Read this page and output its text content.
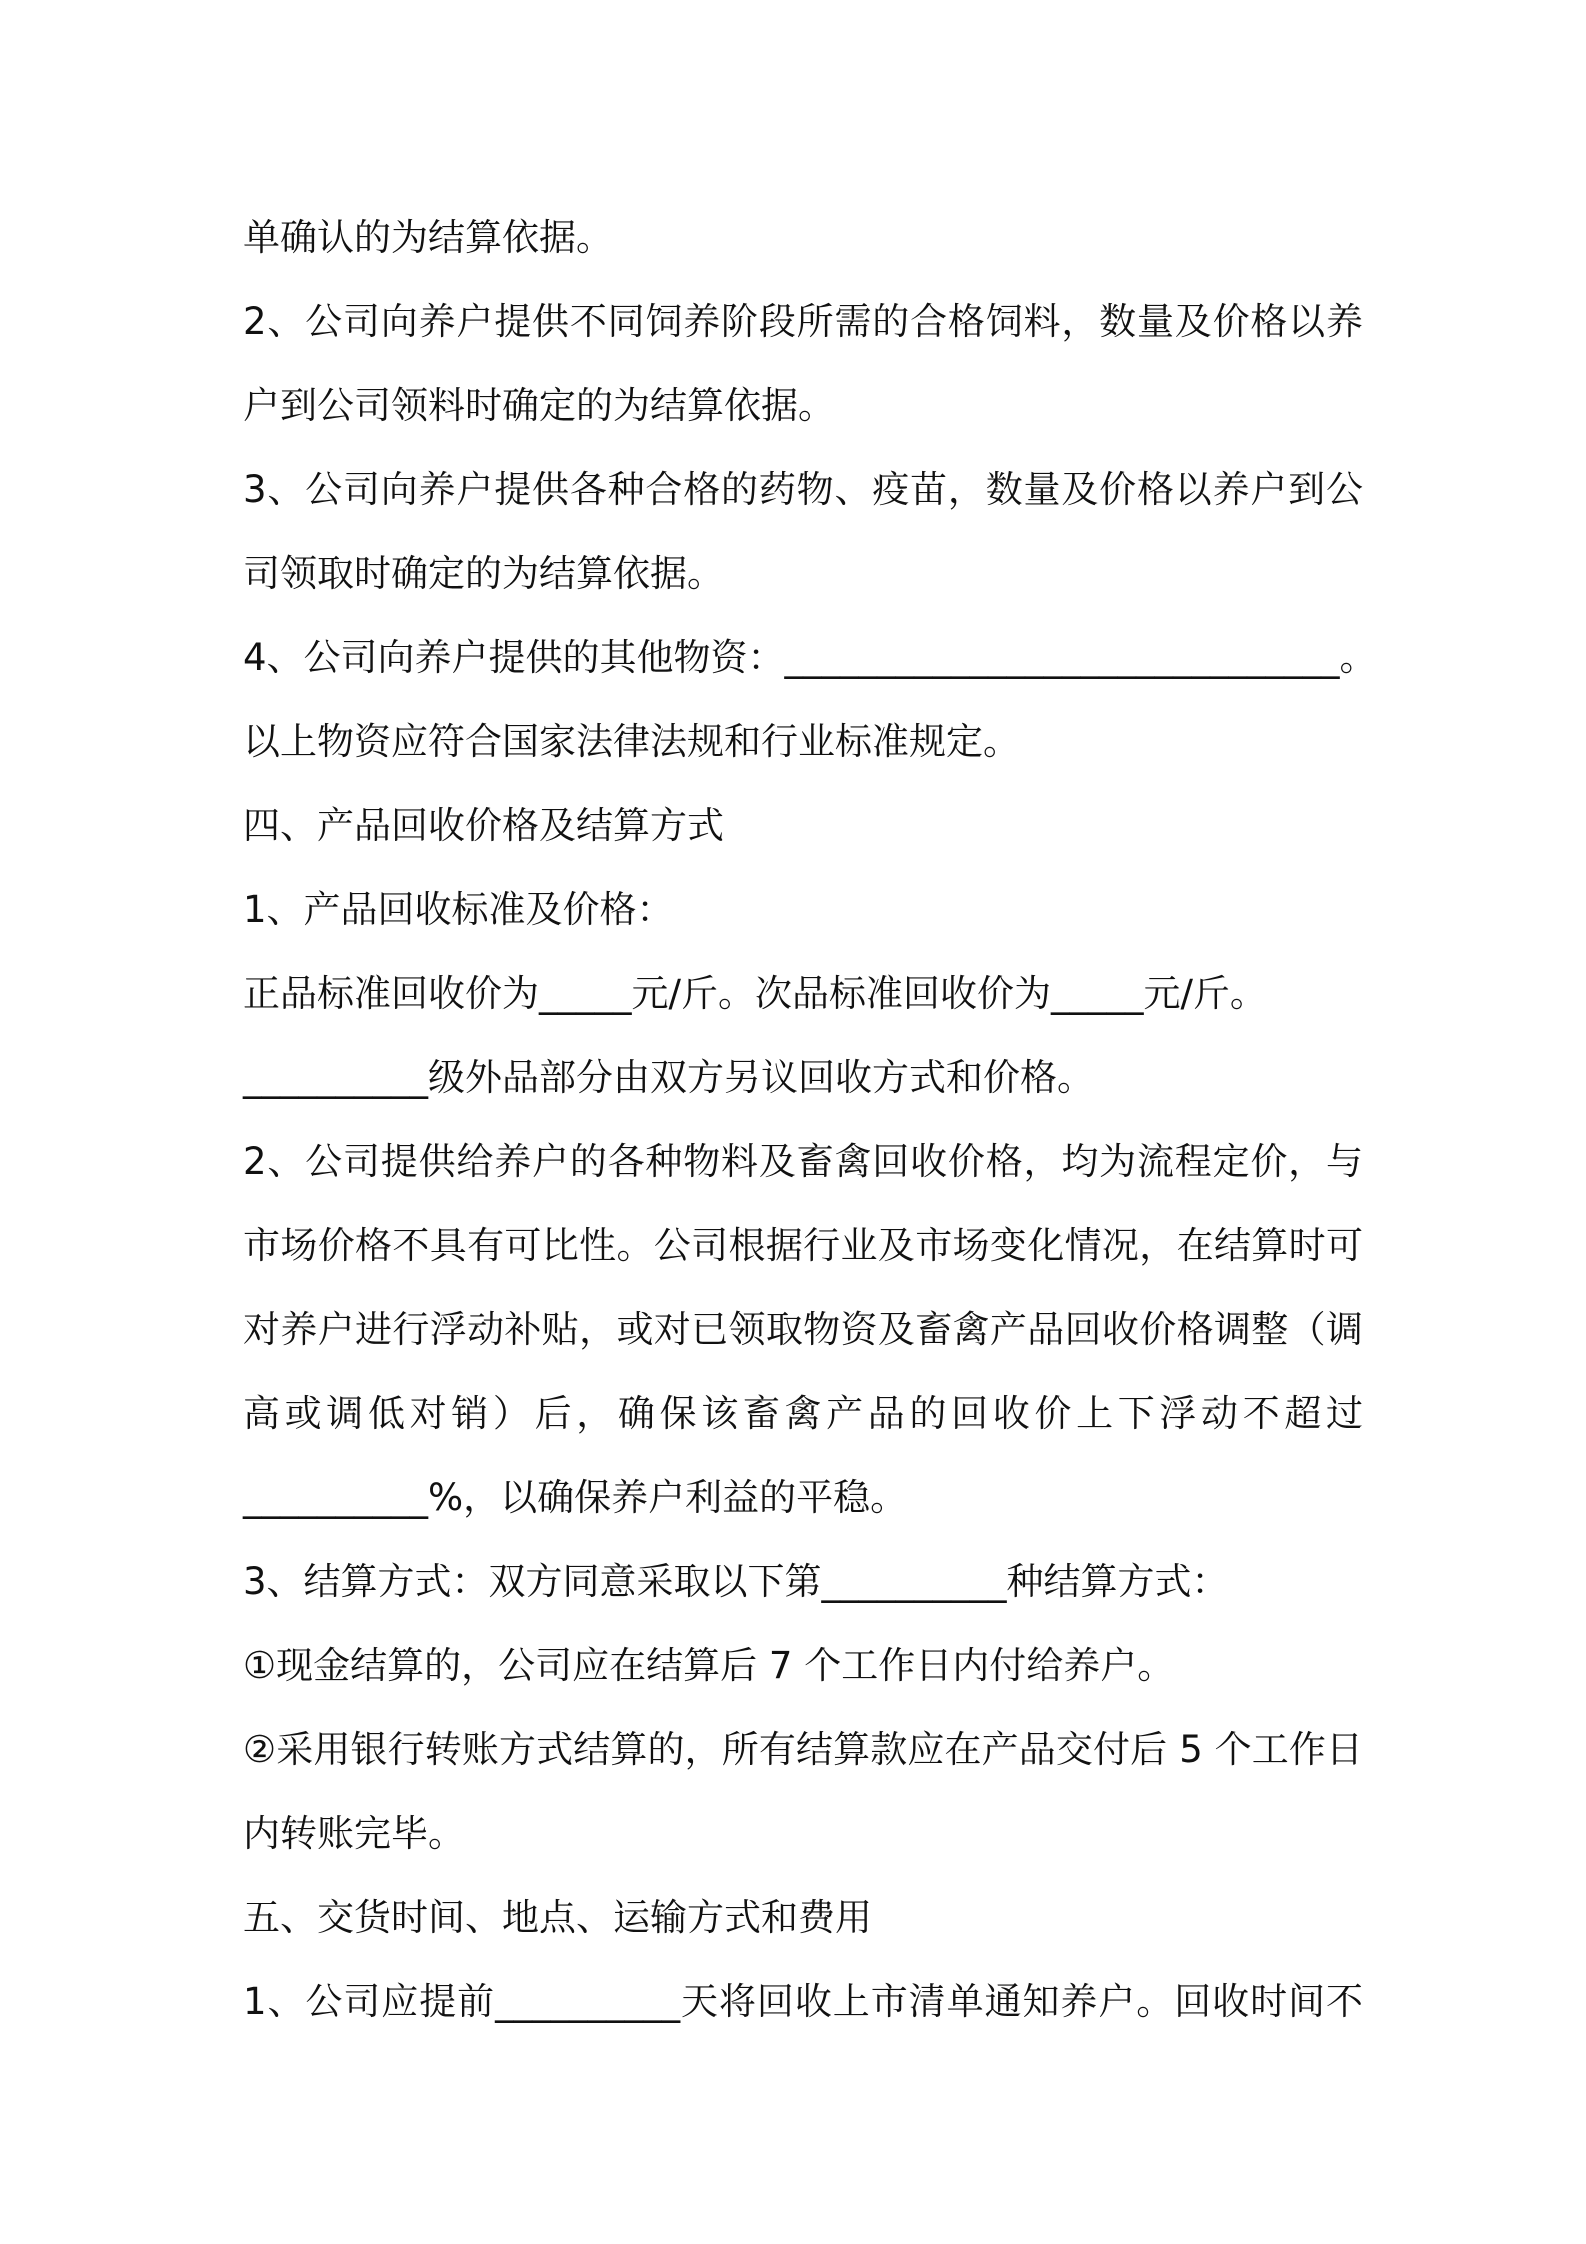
单确认的为结算依据。
2、公司向养户提供不同饲养阶段所需的合格饲料，数量及价格以养
户到公司领料时确定的为结算依据。
3、公司向养户提供各种合格的药物、疫苗，数量及价格以养户到公
司领取时确定的为结算依据。
4、公司向养户提供的其他物资：______________________________。
以上物资应符合国家法律法规和行业标准规定。
四、产品回收价格及结算方式
1、产品回收标准及价格：
正品标准回收价为_____元/斤。次品标准回收价为_____元/斤。
__________级外品部分由双方另议回收方式和价格。
2、公司提供给养户的各种物料及畜禽回收价格，均为流程定价，与
市场价格不具有可比性。公司根据行业及市场变化情况，在结算时可
对养户进行浮动补贴，或对已领取物资及畜禽产品回收价格调整（调
高或调低对销）后，确保该畜禽产品的回收价上下浮动不超过
__________%，以确保养户利益的平稳。
3、结算方式：双方同意采取以下第__________种结算方式：
①现金结算的，公司应在结算后 7 个工作日内付给养户。
②采用银行转账方式结算的，所有结算款应在产品交付后 5 个工作日
内转账完毕。
五、交货时间、地点、运输方式和费用
1、公司应提前__________天将回收上市清单通知养户。回收时间不
